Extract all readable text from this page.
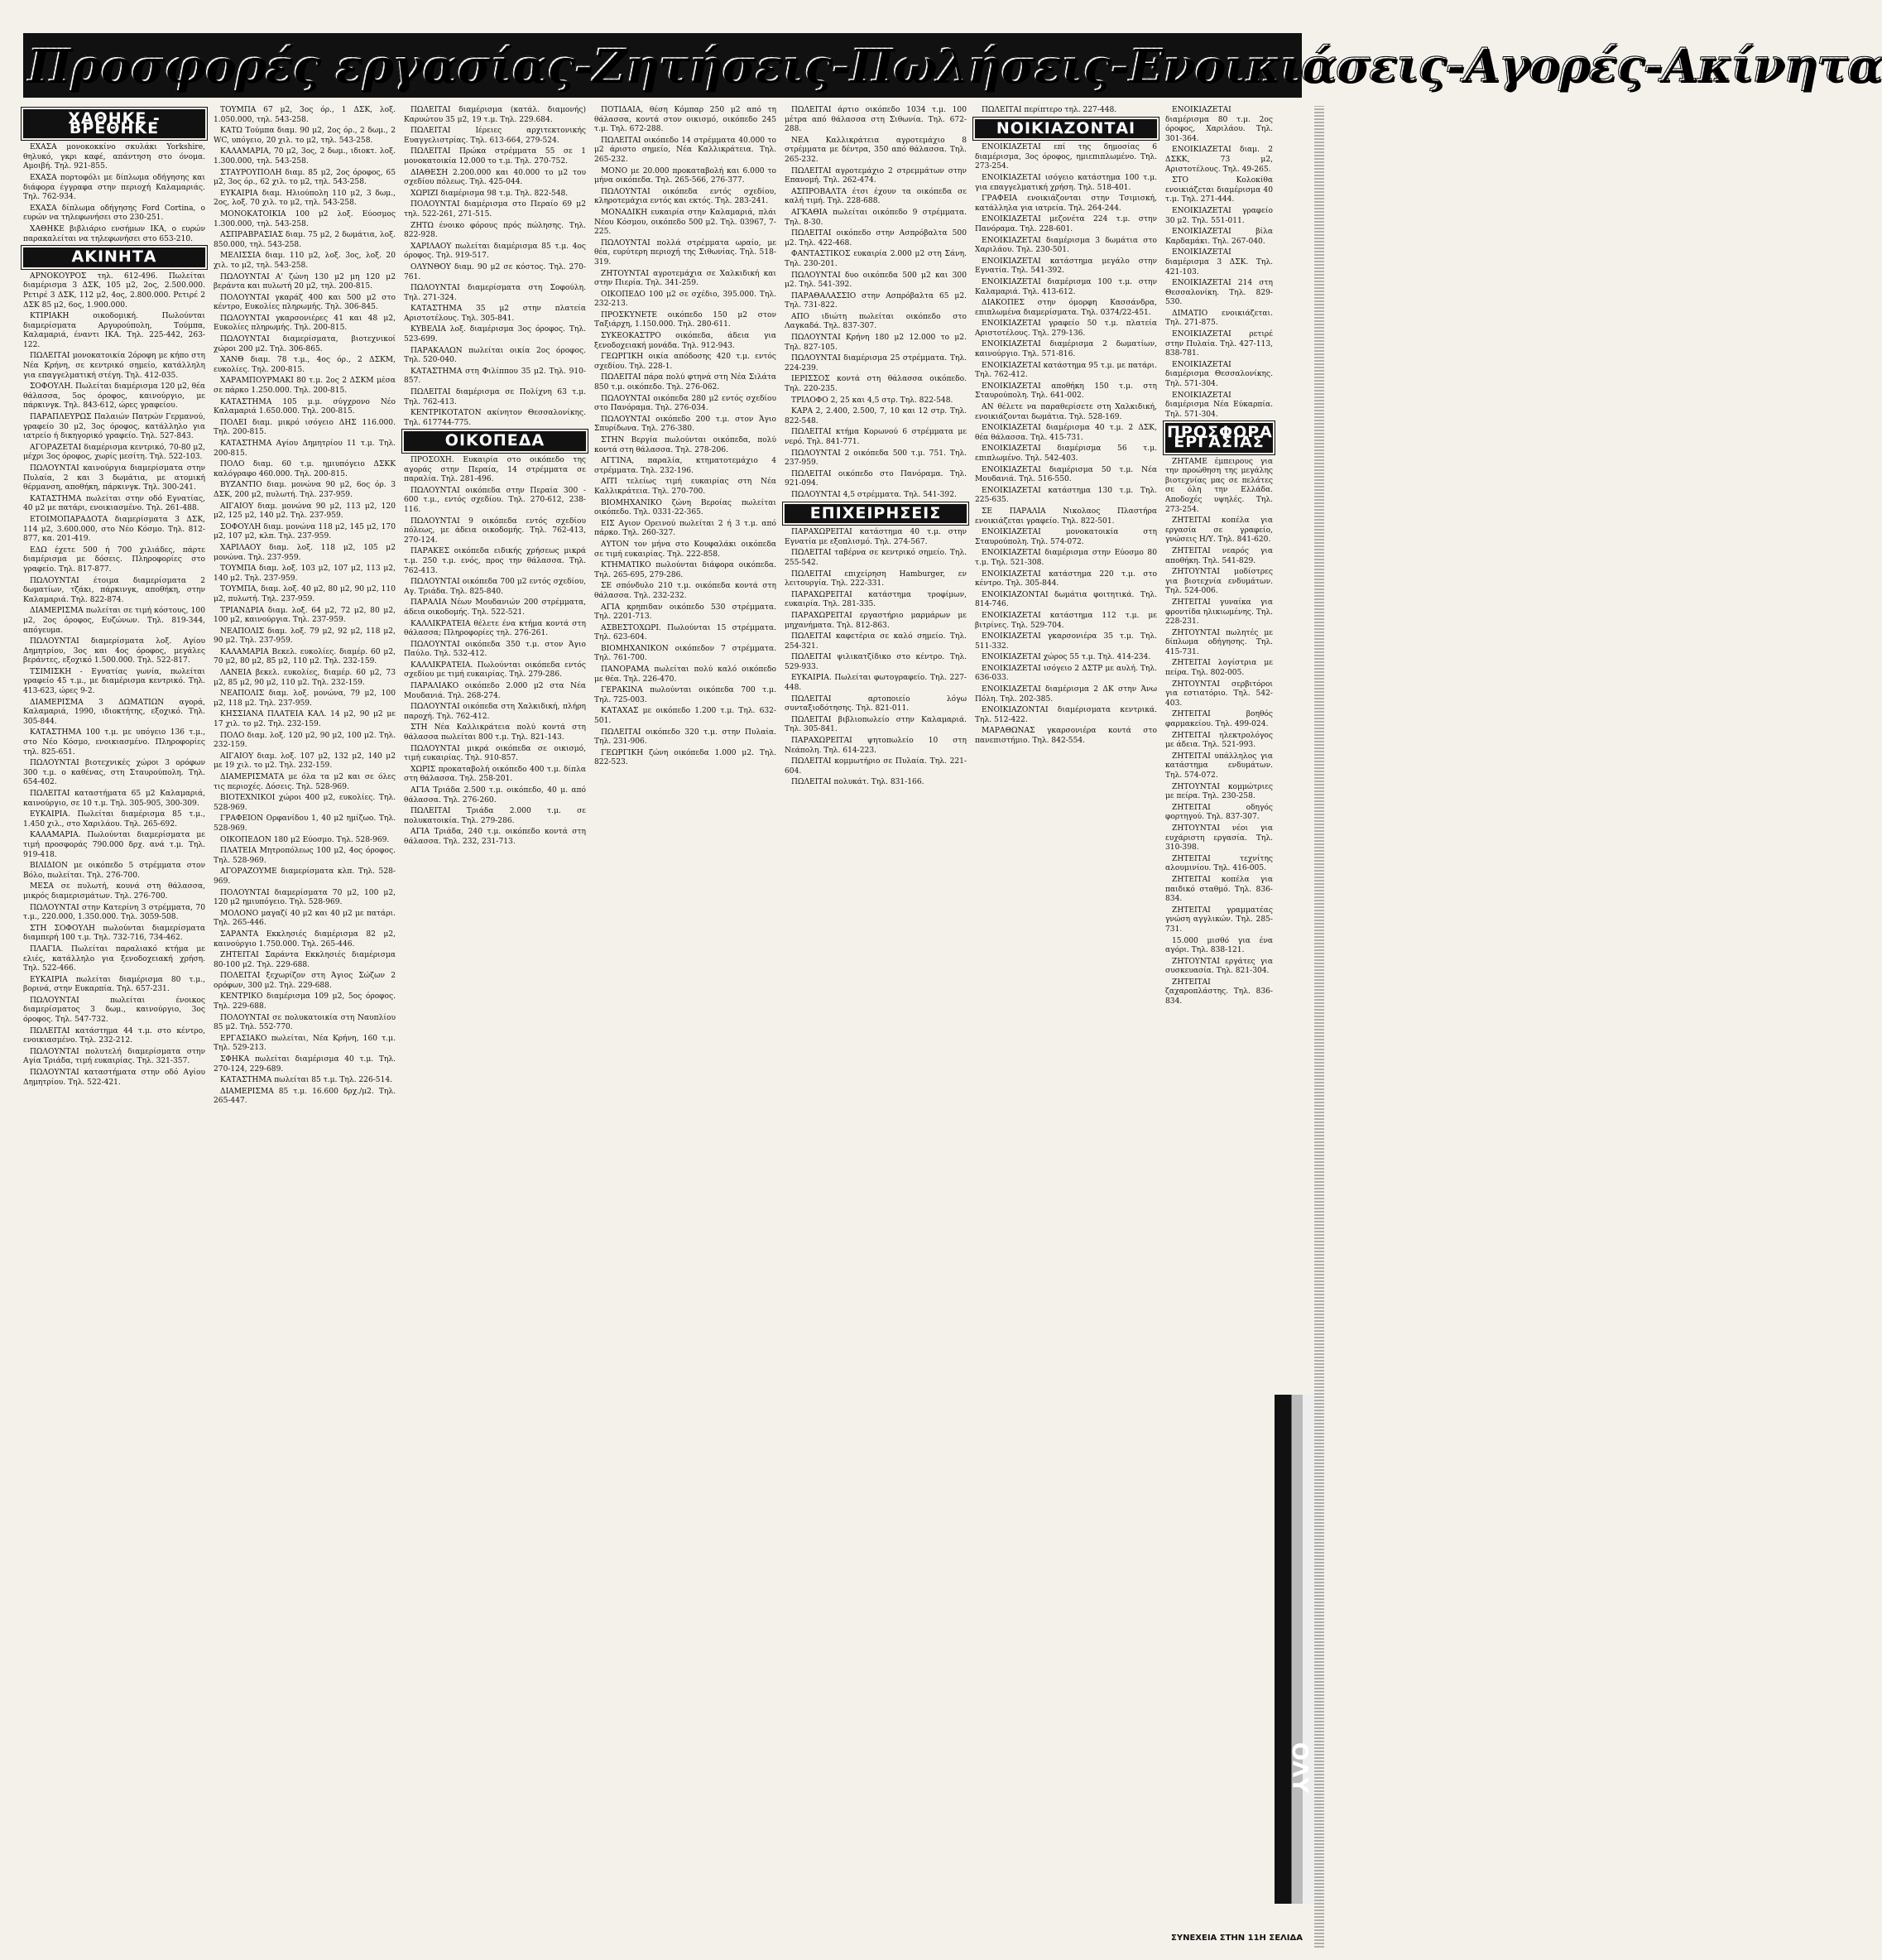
Προσφορές εργασίας-Ζητήσεις-Πωλήσεις-Ενοικιάσεις-Αγορές-Ακίνητα
ΧΑΘΗΚΕ - ΒΡΕΘΗΚΕ
ΕΧΑΣΑ μονοκοκκίνο σκυλάκι Yorkshire, θηλυκό, γκρι καφέ, απάντηση στο όνομα. Αμοιβή. Τηλ. 921-855.
ΕΧΑΣΑ πορτοφόλι με δίπλωμα οδήγησης και διάφορα έγγραφα στην περιοχή Καλαμαριάς. Τηλ. 762-934.
ΕΧΑΣΑ δίπλωμα οδήγησης Ford Cortina, ο ευρών να τηλεφωνήσει στο 230-251.
ΧΑΘΗΚΕ βιβλιάριο ενσήμων ΙΚΑ, ο ευρών παρακαλείται να τηλεφωνήσει στο 653-210.
ΑΚΙΝΗΤΑ
ΑΡΝΟΚΟΥΡΟΣ τηλ. 612-496. Πωλείται διαμέρισμα 3 ΔΣΚ, 105 μ2, 2ος, 2.500.000. Ρετιρέ 3 ΔΣΚ, 112 μ2, 4ος, 2.800.000. Ρετιρέ 2 ΔΣΚ 85 μ2, 6ος, 1.900.000.
ΚΤΙΡΙΑΚΗ οικοδομική. Πωλούνται διαμερίσματα Αργυρούπολη, Τούμπα, Καλαμαριά, έναντι ΙΚΑ. Τηλ. 225-442, 263-122.
ΠΩΛΕΙΤΑΙ μονοκατοικία 2όροφη με κήπο στη Νέα Κρήνη, σε κεντρικό σημείο, κατάλληλη για επαγγελματική στέγη. Τηλ. 412-035.
ΣΟΦΟΥΛΗ. Πωλείται διαμέρισμα 120 μ2, θέα θάλασσα, 5ος όροφος, καινούργιο, με πάρκινγκ. Τηλ. 843-612, ώρες γραφείου.
ΠΑΡΑΠΛΕΥΡΩΣ Παλαιών Πατρών Γερμανού, γραφείο 30 μ2, 3ος όροφος, κατάλληλο για ιατρείο ή δικηγορικό γραφείο. Τηλ. 527-843.
ΑΓΟΡΑΖΕΤΑΙ διαμέρισμα κεντρικό, 70-80 μ2, μέχρι 3ος όροφος, χωρίς μεσίτη. Τηλ. 522-103.
ΠΩΛΟΥΝΤΑΙ καινούργια διαμερίσματα στην Πυλαία, 2 και 3 δωμάτια, με ατομική θέρμανση, αποθήκη, πάρκινγκ. Τηλ. 300-241.
ΚΑΤΑΣΤΗΜΑ πωλείται στην οδό Εγνατίας, 40 μ2 με πατάρι, ενοικιασμένο. Τηλ. 261-488.
ΕΤΟΙΜΟΠΑΡΑΔΟΤΑ διαμερίσματα 3 ΔΣΚ, 114 μ2, 3.600.000, στο Νέο Κόσμο. Τηλ. 812-877, κα. 201-419.
ΕΔΩ έχετε 500 ή 700 χιλιάδες, πάρτε διαμέρισμα με δόσεις. Πληροφορίες στο γραφείο. Τηλ. 817-877.
ΠΩΛΟΥΝΤΑΙ έτοιμα διαμερίσματα 2 δωματίων, τζάκι, πάρκινγκ, αποθήκη, στην Καλαμαριά. Τηλ. 822-874.
ΔΙΑΜΕΡΙΣΜΑ πωλείται σε τιμή κόστους, 100 μ2, 2ος όροφος, Ευζώνων. Τηλ. 819-344, απόγευμα.
ΠΩΛΟΥΝΤΑΙ διαμερίσματα λοξ. Αγίου Δημητρίου, 3ος και 4ος όροφος, μεγάλες βεράντες, εξοχικό 1.500.000. Τηλ. 522-817.
ΤΣΙΜΙΣΚΗ - Εγνατίας γωνία, πωλείται γραφείο 45 τ.μ., με διαμέρισμα κεντρικό. Τηλ. 413-623, ώρες 9-2.
ΔΙΑΜΕΡΙΣΜΑ 3 ΔΩΜΑΤΙΩΝ αγορά, Καλαμαριά, 1990, ιδιοκτήτης, εξοχικό. Τηλ. 305-844.
ΚΑΤΑΣΤΗΜΑ 100 τ.μ. με υπόγειο 136 τ.μ., στο Νέο Κόσμο, ενοικιασμένο. Πληροφορίες τηλ. 825-651.
ΠΩΛΟΥΝΤΑΙ βιοτεχνικές χώροι 3 ορόφων 300 τ.μ. ο καθένας, στη Σταυρούπολη. Τηλ. 654-402.
ΠΩΛΕΙΤΑΙ καταστήματα 65 μ2 Καλαμαριά, καινούργιο, σε 10 τ.μ. Τηλ. 305-905, 300-309.
ΕΥΚΑΙΡΙΑ. Πωλείται διαμέρισμα 85 τ.μ., 1.450 χιλ., στο Χαριλάου. Τηλ. 265-692.
ΚΑΛΑΜΑΡΙΑ. Πωλούνται διαμερίσματα με τιμή προσφοράς 790.000 δρχ. ανά τ.μ. Τηλ. 919-418.
ΒΙΛΙΔΙΟΝ με οικόπεδο 5 στρέμματα στον Βόλο, πωλείται. Τηλ. 276-700.
ΜΕΣΑ σε πυλωτή, κουνά στη θάλασσα, μικρός διαμερισμάτων. Τηλ. 276-700.
ΠΩΛΟΥΝΤΑΙ στην Κατερίνη 3 στρέμματα, 70 τ.μ., 220.000, 1.350.000. Τηλ. 3059-508.
ΣΤΗ ΣΟΦΟΥΛΗ πωλούνται διαμερίσματα διαμπερή 100 τ.μ. Τηλ. 732-716, 734-462.
ΠΛΑΓΙΑ. Πωλείται παραλιακό κτήμα με ελιές, κατάλληλο για ξενοδοχειακή χρήση. Τηλ. 522-466.
ΕΥΚΑΙΡΙΑ πωλείται διαμέρισμα 80 τ.μ., βορινά, στην Ευκαρπία. Τηλ. 657-231.
ΠΩΛΟΥΝΤΑΙ πωλείται ένοικος διαμερίσματος 3 δωμ., καινούργιο, 3ος όροφος. Τηλ. 547-732.
ΠΩΛΕΙΤΑΙ κατάστημα 44 τ.μ. στο κέντρο, ενοικιασμένο. Τηλ. 232-212.
ΠΩΛΟΥΝΤΑΙ πολυτελή διαμερίσματα στην Αγία Τριάδα, τιμή ευκαιρίας. Τηλ. 321-357.
ΠΩΛΟΥΝΤΑΙ καταστήματα στην οδό Αγίου Δημητρίου. Τηλ. 522-421.
ΤΟΥΜΠΑ 67 μ2, 3ος όρ., 1 ΔΣΚ, λοξ. 1.050.000, τηλ. 543-258.
ΚΑΤΩ Τούμπα διαμ. 90 μ2, 2ος όρ., 2 δωμ., 2 WC, υπόγειο, 20 χιλ. το μ2, τηλ. 543-258.
ΚΑΛΑΜΑΡΙΑ, 70 μ2, 3ος, 2 δωμ., ιδιοκτ. λοξ. 1.300.000, τηλ. 543-258.
ΣΤΑΥΡΟΥΠΟΛΗ διαμ. 85 μ2, 2ος όροφος, 65 μ2, 3ος όρ., 62 χιλ. το μ2, τηλ. 543-258.
ΕΥΚΑΙΡΙΑ διαμ. Ηλιούπολη 110 μ2, 3 δωμ., 2ος, λοξ. 70 χιλ. το μ2, τηλ. 543-258.
ΜΟΝΟΚΑΤΟΙΚΙΑ 100 μ2 λοξ. Εύοσμος 1.300.000, τηλ. 543-258.
ΑΣΠΡΑΒΡΑΣΙΑΣ διαμ. 75 μ2, 2 δωμάτια, λοξ. 850.000, τηλ. 543-258.
ΜΕΛΙΣΣΙΑ διαμ. 110 μ2, λοξ. 3ος, λοξ. 20 χιλ. το μ2, τηλ. 543-258.
ΠΩΛΟΥΝΤΑΙ Α' ζώνη 130 μ2 μη 120 μ2 βεράντα και πυλωτή 20 μ2, τηλ. 200-815.
ΠΟΛΟΥΝΤΑΙ γκαράζ 400 και 500 μ2 στο κέντρο, Ευκολίες πληρωμής. Τηλ. 306-845.
ΠΩΛΟΥΝΤΑΙ γκαρσονιέρες 41 και 48 μ2, Ευκολίες πληρωμής. Τηλ. 200-815.
ΠΩΛΟΥΝΤΑΙ διαμερίσματα, βιοτεχνικοί χώροι 200 μ2. Τηλ. 306-865.
ΧΑΝΘ διαμ. 78 τ.μ., 4ος όρ., 2 ΔΣΚΜ, ευκολίες. Τηλ. 200-815.
ΧΑΡΑΜΠΟΥΡΜΑΚΙ 80 τ.μ. 2ος 2 ΔΣΚΜ μέσα σε πάρκο 1.250.000. Τηλ. 200-815.
ΚΑΤΑΣΤΗΜΑ 105 μ.μ. σύγχρονο Νέο Καλαμαριά 1.650.000. Τηλ. 200-815.
ΠΟΛΕΙ διαμ. μικρό ισόγειο ΔΗΣ 116.000. Τηλ. 200-815.
ΚΑΤΑΣΤΗΜΑ Αγίου Δημητρίου 11 τ.μ. Τηλ. 200-815.
ΠΟΛΟ διαμ. 60 τ.μ. ημιυπόγειο ΔΣΚΚ καλόγραφο 460.000. Τηλ. 200-815.
ΒΥΖΑΝΤΙΟ διαμ. μονώνα 90 μ2, 6ος όρ. 3 ΔΣΚ, 200 μ2, πυλωτή. Τηλ. 237-959.
ΑΙΓΑΙΟΥ διαμ. μονώνα 90 μ2, 113 μ2, 120 μ2, 125 μ2, 140 μ2. Τηλ. 237-959.
ΣΟΦΟΥΛΗ διαμ. μονώνα 118 μ2, 145 μ2, 170 μ2, 107 μ2, κλπ. Τηλ. 237-959.
ΧΑΡΙΛΑΟΥ διαμ. λοξ. 118 μ2, 105 μ2 μονώνα. Τηλ. 237-959.
ΤΟΥΜΠΑ διαμ. λοξ. 103 μ2, 107 μ2, 113 μ2, 140 μ2. Τηλ. 237-959.
ΤΟΥΜΠΑ, διαμ. λοξ. 40 μ2, 80 μ2, 90 μ2, 110 μ2, πυλωτή. Τηλ. 237-959.
ΤΡΙΑΝΔΡΙΑ διαμ. λοξ. 64 μ2, 72 μ2, 80 μ2, 100 μ2, καινούργια. Τηλ. 237-959.
ΝΕΑΠΟΛΙΣ διαμ. λοξ. 79 μ2, 92 μ2, 118 μ2, 90 μ2. Τηλ. 237-959.
ΚΑΛΑΜΑΡΙΑ Βεκελ. ευκολίες. διαμέρ. 60 μ2, 70 μ2, 80 μ2, 85 μ2, 110 μ2. Τηλ. 232-159.
ΛΑΝΕΙΑ βεκελ. ευκολίες, διαμέρ. 60 μ2, 73 μ2, 85 μ2, 90 μ2, 110 μ2. Τηλ. 232-159.
ΝΕΑΠΟΛΙΣ διαμ. λοξ. μονώνα, 79 μ2, 100 μ2, 118 μ2. Τηλ. 237-959.
ΚΗΣΣΙΑΝΑ ΠΛΑΤΕΙΑ ΚΑΛ. 14 μ2, 90 μ2 με 17 χιλ. το μ2. Τηλ. 232-159.
ΠΟΛΟ διαμ. λοξ. 120 μ2, 90 μ2, 100 μ2. Τηλ. 232-159.
ΑΙΓΑΙΟΥ διαμ. λοξ. 107 μ2, 132 μ2, 140 μ2 με 19 χιλ. το μ2. Τηλ. 232-159.
ΔΙΑΜΕΡΙΣΜΑΤΑ με όλα τα μ2 και σε όλες τις περιοχές. Δόσεις. Τηλ. 528-969.
ΒΙΟΤΕΧΝΙΚΟΙ χώροι 400 μ2, ευκολίες. Τηλ. 528-969.
ΓΡΑΦΕΙΟΝ Ορφανίδου 1, 40 μ2 ημίζωο. Τηλ. 528-969.
ΟΙΚΟΠΕΔΟΝ 180 μ2 Εύοσμο. Τηλ. 528-969.
ΠΛΑΤΕΙΑ Μητροπόλεως 100 μ2, 4ος όροφος. Τηλ. 528-969.
ΑΓΟΡΑΖΟΥΜΕ διαμερίσματα κλπ. Τηλ. 528-969.
ΠΟΛΟΥΝΤΑΙ διαμερίσματα 70 μ2, 100 μ2, 120 μ2 ημιυπόγειο. Τηλ. 528-969.
ΜΟΛΟΝΟ μαγαζί 40 μ2 και 40 μ2 με πατάρι. Τηλ. 265-446.
ΣΑΡΑΝΤΑ Εκκλησιές διαμέρισμα 82 μ2, καινούργιο 1.750.000. Τηλ. 265-446.
ΖΗΤΕΙΤΑΙ Σαράντα Εκκλησιές διαμέρισμα 80-100 μ2. Τηλ. 229-688.
ΠΟΛΕΙΤΑΙ ξεχωρίζον στη Άγιος Σώζων 2 ορόφων, 300 μ2. Τηλ. 229-688.
ΚΕΝΤΡΙΚΟ διαμέρισμα 109 μ2, 5ος όροφος. Τηλ. 229-688.
ΠΟΛΟΥΝΤΑΙ σε πολυκατοικία στη Ναυπλίου 85 μ2. Τηλ. 552-770.
ΕΡΓΑΣΙΑΚΟ πωλείται, Νέα Κρήνη, 160 τ.μ. Τηλ. 529-213.
ΣΦΗΚΑ πωλείται διαμέρισμα 40 τ.μ. Τηλ. 270-124, 229-689.
ΚΑΤΑΣΤΗΜΑ πωλείται 85 τ.μ. Τηλ. 226-514.
ΔΙΑΜΕΡΙΣΜΑ 85 τ.μ. 16.600 δρχ./μ2. Τηλ. 265-447.
ΠΩΛΕΙΤΑΙ διαμέρισμα (κατάλ. διαμονής) Καρυώτου 35 μ2, 19 τ.μ. Τηλ. 229.684.
ΠΩΛΕΙΤΑΙ Ιέρειες αρχιτεκτονικής Ευαγγελιστρίας. Τηλ. 613-664, 279-524.
ΠΩΛΕΙΤΑΙ Πρώκα στρέμματα 55 σε 1 μονοκατοικία 12.000 το τ.μ. Τηλ. 270-752.
ΔΙΑΘΕΣΗ 2.200.000 και 40.000 το μ2 του σχεδίου πόλεως. Τηλ. 425-044.
ΧΩΡΙΖΙ διαμέρισμα 98 τ.μ. Τηλ. 822-548.
ΠΟΛΟΥΝΤΑΙ διαμέρισμα στο Περαίο 69 μ2 τηλ. 522-261, 271-515.
ΖΗΤΩ ένοικο φόρους πρός πώλησης. Τηλ. 822-928.
ΧΑΡΙΛΑΟΥ πωλείται διαμέρισμα 85 τ.μ. 4ος όροφος. Τηλ. 919-517.
ΟΛΥΝΘΟΥ διαμ. 90 μ2 σε κόστος. Τηλ. 270-761.
ΠΩΛΟΥΝΤΑΙ διαμερίσματα στη Σοφούλη. Τηλ. 271-324.
ΚΑΤΑΣΤΗΜΑ 35 μ2 στην πλατεία Αριστοτέλους. Τηλ. 305-841.
ΚΥΒΕΛΙΑ λοξ. διαμέρισμα 3ος όροφος. Τηλ. 523-699.
ΠΑΡΑΚΑΛΩΝ πωλείται οικία 2ος όροφος. Τηλ. 520-040.
ΚΑΤΑΣΤΗΜΑ στη Φιλίππου 35 μ2. Τηλ. 910-857.
ΠΩΛΕΙΤΑΙ διαμέρισμα σε Πολίχνη 63 τ.μ. Τηλ. 762-413.
ΚΕΝΤΡΙΚΟΤΑΤΟΝ ακίνητον Θεσσαλονίκης. Τηλ. 617744-775.
ΟΙΚΟΠΕΔΑ
ΠΡΟΣΟΧΗ. Ευκαιρία στο οικόπεδο της αγοράς στην Περαία, 14 στρέμματα σε παραλία. Τηλ. 281-496.
ΠΩΛΟΥΝΤΑΙ οικόπεδα στην Περαία 300 - 600 τ.μ., εντός σχεδίου. Τηλ. 270-612, 238-116.
ΠΩΛΟΥΝΤΑΙ 9 οικόπεδα εντός σχεδίου πόλεως, με άδεια οικοδομής. Τηλ. 762-413, 270-124.
ΠΑΡΑΚΕΣ οικόπεδα ειδικής χρήσεως μικρά τ.μ. 250 τ.μ. ενός, προς την θάλασσα. Τηλ. 762-413.
ΠΩΛΟΥΝΤΑΙ οικόπεδα 700 μ2 εντός σχεδίου, Αγ. Τριάδα. Τηλ. 825-840.
ΠΑΡΑΛΙΑ Νέων Μουδανιών 200 στρέμματα, άδεια οικοδομής. Τηλ. 522-521.
ΚΑΛΛΙΚΡΑΤΕΙΑ θέλετε ένα κτήμα κοντά στη θάλασσα; Πληροφορίες τηλ. 276-261.
ΠΩΛΟΥΝΤΑΙ οικόπεδα 350 τ.μ. στον Άγιο Παύλο. Τηλ. 532-412.
ΚΑΛΛΙΚΡΑΤΕΙΑ. Πωλούνται οικόπεδα εντός σχεδίου με τιμή ευκαιρίας. Τηλ. 279-286.
ΠΑΡΑΛΙΑΚΟ οικόπεδο 2.000 μ2 στα Νέα Μουδανιά. Τηλ. 268-274.
ΠΩΛΟΥΝΤΑΙ οικόπεδα στη Χαλκιδική, πλήρη παροχή. Τηλ. 762-412.
ΣΤΗ Νέα Καλλικράτεια πολύ κοντά στη θάλασσα πωλείται 800 τ.μ. Τηλ. 821-143.
ΠΩΛΟΥΝΤΑΙ μικρά οικόπεδα σε οικισμό, τιμή ευκαιρίας. Τηλ. 910-857.
ΧΩΡΙΣ προκαταβολή οικόπεδο 400 τ.μ. δίπλα στη θάλασσα. Τηλ. 258-201.
ΑΓΙΑ Τριάδα 2.500 τ.μ. οικόπεδο, 40 μ. από θάλασσα. Τηλ. 276-260.
ΠΩΛΕΙΤΑΙ Τριάδα 2.000 τ.μ. σε πολυκατοικία. Τηλ. 279-286.
ΑΓΙΑ Τριάδα, 240 τ.μ. οικόπεδο κοντά στη θάλασσα. Τηλ. 232, 231-713.
ΠΟΤΙΔΑΙΑ, θέση Κόμπαρ 250 μ2 από τη θάλασσα, κοντά στον οικισμό, οικόπεδο 245 τ.μ. Τηλ. 672-288.
ΠΩΛΕΙΤΑΙ οικόπεδο 14 στρέμματα 40.000 το μ2 άριστο σημείο, Νέα Καλλικράτεια. Τηλ. 265-232.
ΜΟΝΟ με 20.000 προκαταβολή και 6.000 το μήνα οικόπεδα. Τηλ. 265-566, 276-377.
ΠΩΛΟΥΝΤΑΙ οικόπεδα εντός σχεδίου, κληροτεμάχια εντός και εκτός. Τηλ. 283-241.
ΜΟΝΑΔΙΚΗ ευκαιρία στην Καλαμαριά, πλάι Νέου Κόσμου, οικόπεδο 500 μ2. Τηλ. 03967, 7-225.
ΠΩΛΟΥΝΤΑΙ πολλά στρέμματα ωραίο, με θέα, ευρύτερη περιοχή της Σιθωνίας. Τηλ. 518-319.
ΖΗΤΟΥΝΤΑΙ αγροτεμάχια σε Χαλκιδική και στην Πιερία. Τηλ. 341-259.
ΟΙΚΟΠΕΔΟ 100 μ2 σε σχέδιο, 395.000. Τηλ. 232-213.
ΠΡΟΣΚΥΝΕΤΕ οικόπεδο 150 μ2 στον Ταξιάρχη, 1.150.000. Τηλ. 280-611.
ΣΥΚΕΟΚΑΣΤΡΟ οικόπεδα, άδεια για ξενοδοχειακή μονάδα. Τηλ. 912-943.
ΓΕΩΡΓΙΚΗ οικία απόδοσης 420 τ.μ. εντός σχεδίου. Τηλ. 228-1.
ΠΩΛΕΙΤΑΙ πάρα πολύ φτηνά στη Νέα Σιλάτα 850 τ.μ. οικόπεδο. Τηλ. 276-062.
ΠΩΛΟΥΝΤΑΙ οικόπεδα 280 μ2 εντός σχεδίου στο Πανόραμα. Τηλ. 276-034.
ΠΩΛΟΥΝΤΑΙ οικόπεδο 200 τ.μ. στον Άγιο Σπυρίδωνα. Τηλ. 276-380.
ΣΤΗΝ Βεργία πωλούνται οικόπεδα, πολύ κοντά στη θάλασσα. Τηλ. 278-206.
ΑΓΓΙΝΑ, παραλία, κτηματοτεμάχιο 4 στρέμματα. Τηλ. 232-196.
ΑΙΤΙ τελείως τιμή ευκαιρίας στη Νέα Καλλικράτεια. Τηλ. 270-700.
ΒΙΟΜΗΧΑΝΙΚΟ ζώνη Βεροίας πωλείται οικόπεδο. Τηλ. 0331-22-365.
ΕΙΣ Αγιον Ορεινού πωλείται 2 ή 3 τ.μ. από πάρκο. Τηλ. 260-327.
ΑΥΤΟΝ τον μήνα στο Κουφαλάκι οικόπεδα σε τιμή ευκαιρίας. Τηλ. 222-858.
ΚΤΗΜΑΤΙΚΟ πωλούνται διάφορα οικόπεδα. Τηλ. 265-695, 279-286.
ΣΕ σπόνδυλο 210 τ.μ. οικόπεδα κοντά στη θάλασσα. Τηλ. 232-232.
ΑΓΙΑ κρηπιδαν οικόπεδο 530 στρέμματα. Τηλ. 2201-713.
ΑΣΒΕΣΤΟΧΩΡΙ. Πωλούνται 15 στρέμματα. Τηλ. 623-604.
ΒΙΟΜΗΧΑΝΙΚΟΝ οικόπεδον 7 στρέμματα. Τηλ. 761-700.
ΠΑΝΟΡΑΜΑ πωλείται πολύ καλό οικόπεδο με θέα. Τηλ. 226-470.
ΓΕΡΑΚΙΝΑ πωλούνται οικόπεδα 700 τ.μ. Τηλ. 725-003.
ΚΑΤΑΧΑΣ με οικόπεδο 1.200 τ.μ. Τηλ. 632-501.
ΠΩΛΕΙΤΑΙ οικόπεδο 320 τ.μ. στην Πυλαία. Τηλ. 231-906.
ΓΕΩΡΓΙΚΗ ζώνη οικόπεδα 1.000 μ2. Τηλ. 822-523.
ΠΩΛΕΙΤΑΙ άρτιο οικόπεδο 1034 τ.μ. 100 μέτρα από θάλασσα στη Σιθωνία. Τηλ. 672-288.
ΝΕΑ Καλλικράτεια αγροτεμάχιο 8 στρέμματα με δέντρα, 350 από θάλασσα. Τηλ. 265-232.
ΠΩΛΕΙΤΑΙ αγροτεμάχιο 2 στρεμμάτων στην Επανομή. Τηλ. 262-474.
ΑΣΠΡΟΒΑΛΤΑ έτσι έχουν τα οικόπεδα σε καλή τιμή. Τηλ. 228-688.
ΑΓΚΑΘΙΑ πωλείται οικόπεδο 9 στρέμματα. Τηλ. 8-30.
ΠΩΛΕΙΤΑΙ οικόπεδο στην Ασπρόβαλτα 500 μ2. Τηλ. 422-468.
ΦΑΝΤΑΣΤΙΚΟΣ ευκαιρία 2.000 μ2 στη Σάνη. Τηλ. 230-201.
ΠΩΛΟΥΝΤΑΙ δυο οικόπεδα 500 μ2 και 300 μ2. Τηλ. 541-392.
ΠΑΡΑΘΑΛΑΣΣΙΟ στην Ασπρόβαλτα 65 μ2. Τηλ. 731-822.
ΑΠΟ ιδιώτη πωλείται οικόπεδο στο Λαγκαδά. Τηλ. 837-307.
ΠΩΛΟΥΝΤΑΙ Κρήνη 180 μ2 12.000 το μ2. Τηλ. 827-105.
ΠΩΛΟΥΝΤΑΙ διαμέρισμα 25 στρέμματα. Τηλ. 224-239.
ΙΕΡΙΣΣΟΣ κοντά στη θάλασσα οικόπεδο. Τηλ. 220-235.
ΤΡΙΛΟΦΟ 2, 25 και 4,5 στρ. Τηλ. 822-548.
ΚΑΡΑ 2, 2.400, 2.500, 7, 10 και 12 στρ. Τηλ. 822-548.
ΠΩΛΕΙΤΑΙ κτήμα Κορωνού 6 στρέμματα με νερό. Τηλ. 841-771.
ΠΩΛΟΥΝΤΑΙ 2 οικόπεδα 500 τ.μ. 751. Τηλ. 237-959.
ΠΩΛΕΙΤΑΙ οικόπεδο στο Πανόραμα. Τηλ. 921-094.
ΠΩΛΟΥΝΤΑΙ 4,5 στρέμματα. Τηλ. 541-392.
ΕΠΙΧΕΙΡΗΣΕΙΣ
ΠΑΡΑΧΩΡΕΙΤΑΙ κατάστημα 40 τ.μ. στην Εγνατία με εξοπλισμό. Τηλ. 274-567.
ΠΩΛΕΙΤΑΙ ταβέρνα σε κεντρικό σημείο. Τηλ. 255-542.
ΠΩΛΕΙΤΑΙ επιχείρηση Hamburger, εν λειτουργία. Τηλ. 222-331.
ΠΑΡΑΧΩΡΕΙΤΑΙ κατάστημα τροφίμων, ευκαιρία. Τηλ. 281-335.
ΠΑΡΑΧΩΡΕΙΤΑΙ εργαστήριο μαρμάρων με μηχανήματα. Τηλ. 812-863.
ΠΩΛΕΙΤΑΙ καφετέρια σε καλό σημείο. Τηλ. 254-321.
ΠΩΛΕΙΤΑΙ ψιλικατζίδικο στο κέντρο. Τηλ. 529-933.
ΕΥΚΑΙΡΙΑ. Πωλείται φωτογραφείο. Τηλ. 227-448.
ΠΩΛΕΙΤΑΙ αρτοποιείο λόγω συνταξιοδότησης. Τηλ. 821-011.
ΠΩΛΕΙΤΑΙ βιβλιοπωλείο στην Καλαμαριά. Τηλ. 305-841.
ΠΑΡΑΧΩΡΕΙΤΑΙ ψητοπωλείο 10 στη Νεάπολη. Τηλ. 614-223.
ΠΩΛΕΙΤΑΙ κομμωτήριο σε Πυλαία. Τηλ. 221-604.
ΠΩΛΕΙΤΑΙ πολυκάτ. Τηλ. 831-166.
ΠΩΛΕΙΤΑΙ περίπτερο τηλ. 227-448.
ΝΟΙΚΙΑΖΟΝΤΑΙ
ΕΝΟΙΚΙΑΖΕΤΑΙ επί της δημοσίας 6 διαμέρισμα, 3ος όροφος, ημιεπιπλωμένο. Τηλ. 273-254.
ΕΝΟΙΚΙΑΖΕΤΑΙ ισόγειο κατάστημα 100 τ.μ. για επαγγελματική χρήση. Τηλ. 518-401.
ΓΡΑΦΕΙΑ ενοικιάζονται στην Τσιμισκή, κατάλληλα για ιατρεία. Τηλ. 264-244.
ΕΝΟΙΚΙΑΖΕΤΑΙ μεζονέτα 224 τ.μ. στην Πανόραμα. Τηλ. 228-601.
ΕΝΟΙΚΙΑΖΕΤΑΙ διαμέρισμα 3 δωμάτια στο Χαριλάου. Τηλ. 230-501.
ΕΝΟΙΚΙΑΖΕΤΑΙ κατάστημα μεγάλο στην Εγνατία. Τηλ. 541-392.
ΕΝΟΙΚΙΑΖΕΤΑΙ διαμέρισμα 100 τ.μ. στην Καλαμαριά. Τηλ. 413-612.
ΔΙΑΚΟΠΕΣ στην όμορφη Κασσάνδρα, επιπλωμένα διαμερίσματα. Τηλ. 0374/22-451.
ΕΝΟΙΚΙΑΖΕΤΑΙ γραφείο 50 τ.μ. πλατεία Αριστοτέλους. Τηλ. 279-136.
ΕΝΟΙΚΙΑΖΕΤΑΙ διαμέρισμα 2 δωματίων, καινούργιο. Τηλ. 571-816.
ΕΝΟΙΚΙΑΖΕΤΑΙ κατάστημα 95 τ.μ. με πατάρι. Τηλ. 762-412.
ΕΝΟΙΚΙΑΖΕΤΑΙ αποθήκη 150 τ.μ. στη Σταυρούπολη. Τηλ. 641-002.
ΑΝ θέλετε να παραθερίσετε στη Χαλκιδική, ενοικιάζονται δωμάτια. Τηλ. 528-169.
ΕΝΟΙΚΙΑΖΕΤΑΙ διαμέρισμα 40 τ.μ. 2 ΔΣΚ, θέα θάλασσα. Τηλ. 415-731.
ΕΝΟΙΚΙΑΖΕΤΑΙ διαμέρισμα 56 τ.μ. επιπλωμένο. Τηλ. 542-403.
ΕΝΟΙΚΙΑΖΕΤΑΙ διαμέρισμα 50 τ.μ. Νέα Μουδανιά. Τηλ. 516-550.
ΕΝΟΙΚΙΑΖΕΤΑΙ κατάστημα 130 τ.μ. Τηλ. 225-635.
ΣΕ ΠΑΡΑΛΙΑ Νικολαος Πλαστήρα ενοικιάζεται γραφείο. Τηλ. 822-501.
ΕΝΟΙΚΙΑΖΕΤΑΙ μονοκατοικία στη Σταυρούπολη. Τηλ. 574-072.
ΕΝΟΙΚΙΑΖΕΤΑΙ διαμέρισμα στην Εύοσμο 80 τ.μ. Τηλ. 521-308.
ΕΝΟΙΚΙΑΖΕΤΑΙ κατάστημα 220 τ.μ. στο κέντρο. Τηλ. 305-844.
ΕΝΟΙΚΙΑΖΟΝΤΑΙ δωμάτια φοιτητικά. Τηλ. 814-746.
ΕΝΟΙΚΙΑΖΕΤΑΙ κατάστημα 112 τ.μ. με βιτρίνες. Τηλ. 529-704.
ΕΝΟΙΚΙΑΖΕΤΑΙ γκαρσονιέρα 35 τ.μ. Τηλ. 511-332.
ΕΝΟΙΚΙΑΖΕΤΑΙ χώρος 55 τ.μ. Τηλ. 414-234.
ΕΝΟΙΚΙΑΖΕΤΑΙ ισόγειο 2 ΔΣΤΡ με αυλή. Τηλ. 636-033.
ΕΝΟΙΚΙΑΖΕΤΑΙ διαμέρισμα 2 ΔΚ στην Άνω Πόλη. Τηλ. 202-385.
ΕΝΟΙΚΙΑΖΟΝΤΑΙ διαμέρισματα κεντρικά. Τηλ. 512-422.
ΜΑΡΑΘΩΝΑΣ γκαρσονιέρα κοντά στο πανεπιστήμιο. Τηλ. 842-554.
ΕΝΟΙΚΙΑΖΕΤΑΙ διαμέρισμα 80 τ.μ. 2ος όροφος, Χαριλάου. Τηλ. 301-364.
ΕΝΟΙΚΙΑΖΕΤΑΙ διαμ. 2 ΔΣΚΚ, 73 μ2, Αριστοτέλους. Τηλ. 49-265.
ΣΤΟ Κολοκίθα ενοικιάζεται διαμέρισμα 40 τ.μ. Τηλ. 271-444.
ΕΝΟΙΚΙΑΖΕΤΑΙ γραφείο 30 μ2. Τηλ. 551-011.
ΕΝΟΙΚΙΑΖΕΤΑΙ βίλα Καρδαμάκι. Τηλ. 267-040.
ΕΝΟΙΚΙΑΖΕΤΑΙ διαμέρισμα 3 ΔΣΚ. Τηλ. 421-103.
ΕΝΟΙΚΙΑΖΕΤΑΙ 214 στη Θεσσαλονίκη. Τηλ. 829-530.
ΔΙΜΑΤΙΟ ενοικιάζεται. Τηλ. 271-875.
ΕΝΟΙΚΙΑΖΕΤΑΙ ρετιρέ στην Πυλαία. Τηλ. 427-113, 838-781.
ΕΝΟΙΚΙΑΖΕΤΑΙ διαμέρισμα Θεσσαλονίκης. Τηλ. 571-304.
ΕΝΟΙΚΙΑΖΕΤΑΙ διαμέρισμα Νέα Εύκαρπία. Τηλ. 571-304.
ΠΡΟΣΦΟΡΑ ΕΡΓΑΣΙΑΣ
ΖΗΤΑΜΕ έμπειρους για την προώθηση της μεγάλης βιοτεχνίας μας σε πελάτες σε όλη την Ελλάδα. Αποδοχές υψηλές. Τηλ. 273-254.
ΖΗΤΕΙΤΑΙ κοπέλα για εργασία σε γραφείο, γνώσεις Η/Υ. Τηλ. 841-620.
ΖΗΤΕΙΤΑΙ νεαρός για αποθήκη. Τηλ. 541-829.
ΖΗΤΟΥΝΤΑΙ μοδίστρες για βιοτεχνία ενδυμάτων. Τηλ. 524-006.
ΖΗΤΕΙΤΑΙ γυναίκα για φροντίδα ηλικιωμένης. Τηλ. 228-231.
ΖΗΤΟΥΝΤΑΙ πωλητές με δίπλωμα οδήγησης. Τηλ. 415-731.
ΖΗΤΕΙΤΑΙ λογίστρια με πείρα. Τηλ. 802-005.
ΖΗΤΟΥΝΤΑΙ σερβιτόροι για εστιατόριο. Τηλ. 542-403.
ΖΗΤΕΙΤΑΙ βοηθός φαρμακείου. Τηλ. 499-024.
ΖΗΤΕΙΤΑΙ ηλεκτρολόγος με άδεια. Τηλ. 521-993.
ΖΗΤΕΙΤΑΙ υπάλληλος για κατάστημα ενδυμάτων. Τηλ. 574-072.
ΖΗΤΟΥΝΤΑΙ κομμώτριες με πείρα. Τηλ. 230-258.
ΖΗΤΕΙΤΑΙ οδηγός φορτηγού. Τηλ. 837-307.
ΖΗΤΟΥΝΤΑΙ νέοι για ευχάριστη εργασία. Τηλ. 310-398.
ΖΗΤΕΙΤΑΙ τεχνίτης αλουμινίου. Τηλ. 416-005.
ΖΗΤΕΙΤΑΙ κοπέλα για παιδικό σταθμό. Τηλ. 836-834.
ΖΗΤΕΙΤΑΙ γραμματέας γνώση αγγλικών. Τηλ. 285-731.
15.000 μισθό για ένα αγόρι. Τηλ. 838-121.
ΖΗΤΟΥΝΤΑΙ εργάτες για συσκευασία. Τηλ. 821-304.
ΖΗΤΕΙΤΑΙ ζαχαροπλάστης. Τηλ. 836-834.
ΟΛΥ
ΣΥΝΕΧΕΙΑ ΣΤΗΝ 11Η ΣΕΛΙΔΑ
